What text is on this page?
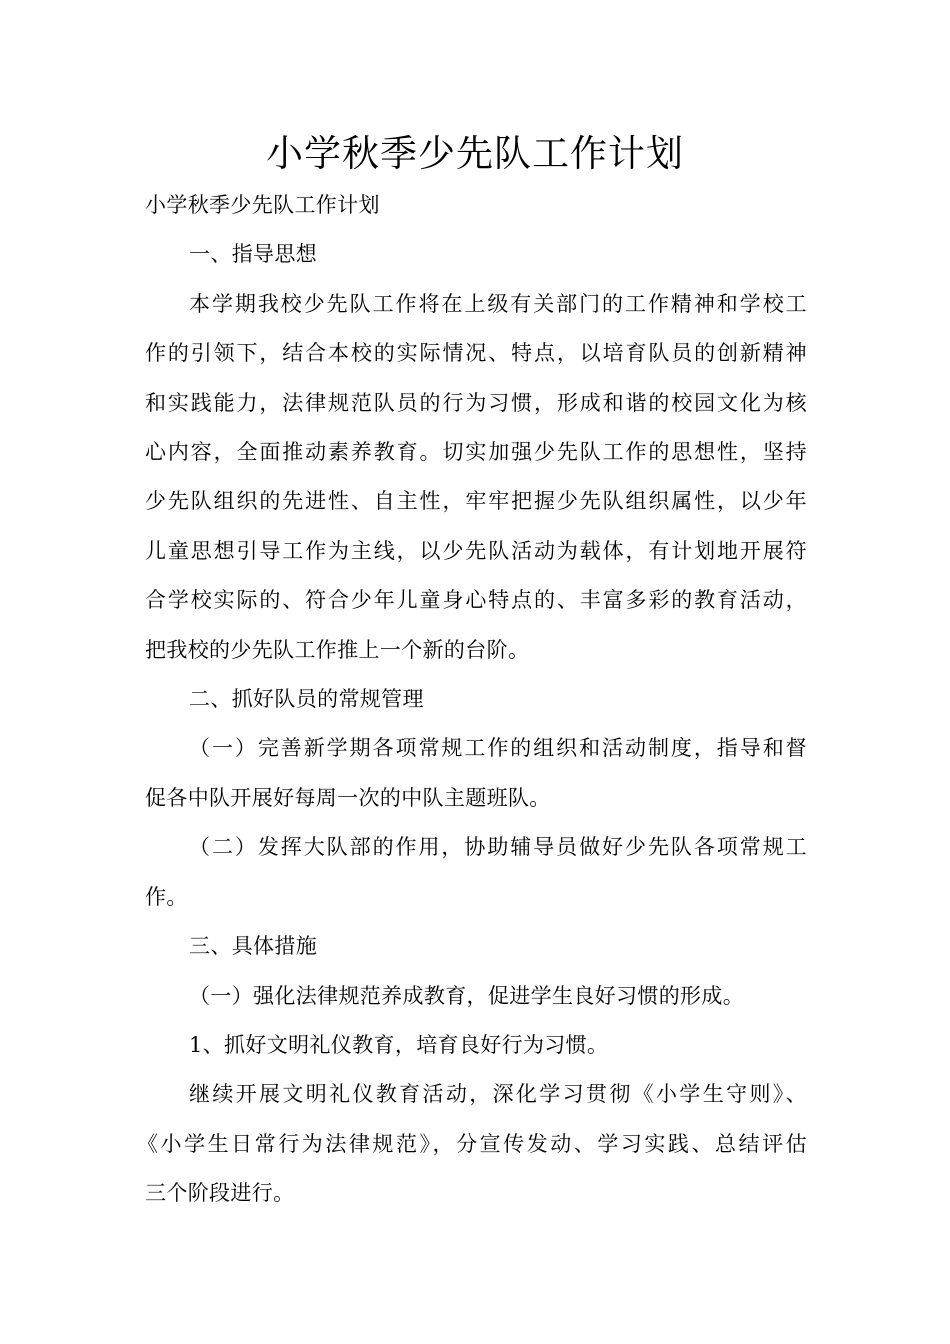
小学秋季少先队工作计划

小学秋季少先队工作计划

一、指导思想

本学期我校少先队工作将在上级有关部门的工作精神和学校工
作的引领下，结合本校的实际情况、特点，以培育队员的创新精神
和实践能力，法律规范队员的行为习惯，形成和谐的校园文化为核
心内容，全面推动素养教育。切实加强少先队工作的思想性，坚持
少先队组织的先进性、自主性，牢牢把握少先队组织属性，以少年
儿童思想引导工作为主线，以少先队活动为载体，有计划地开展符
合学校实际的、符合少年儿童身心特点的、丰富多彩的教育活动，
把我校的少先队工作推上一个新的台阶。

二、抓好队员的常规管理

（一）完善新学期各项常规工作的组织和活动制度，指导和督
促各中队开展好每周一次的中队主题班队。

（二）发挥大队部的作用，协助辅导员做好少先队各项常规工
作。

三、具体措施

（一）强化法律规范养成教育，促进学生良好习惯的形成。

1、抓好文明礼仪教育，培育良好行为习惯。

继续开展文明礼仪教育活动，深化学习贯彻《小学生守则》、
《小学生日常行为法律规范》，分宣传发动、学习实践、总结评估
三个阶段进行。
